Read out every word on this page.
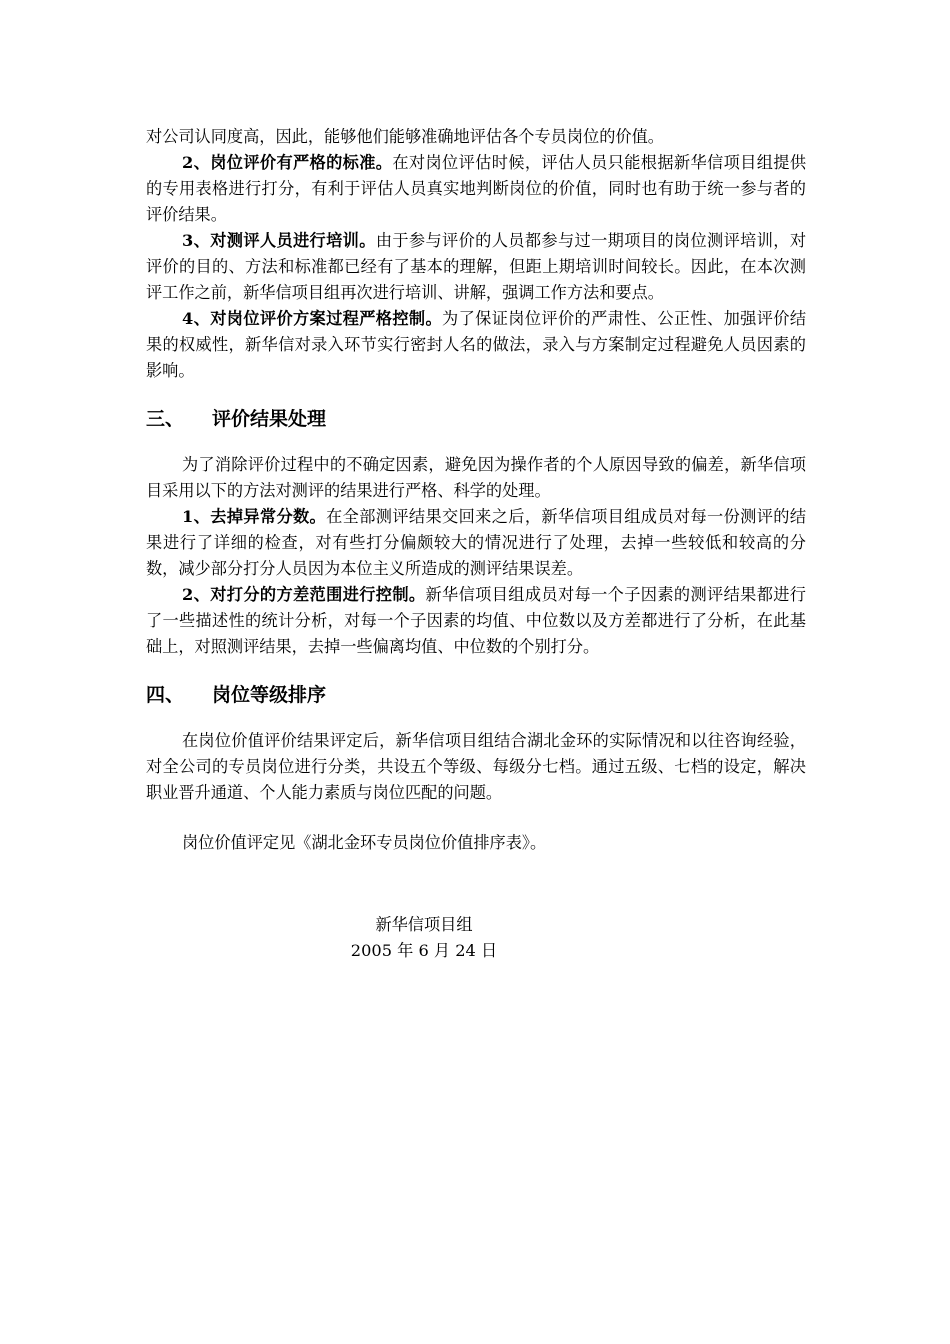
对公司认同度高，因此，能够他们能够准确地评估各个专员岗位的价值。

2、岗位评价有严格的标准。在对岗位评估时候，评估人员只能根据新华信项目组提供的专用表格进行打分，有利于评估人员真实地判断岗位的价值，同时也有助于统一参与者的评价结果。

3、对测评人员进行培训。由于参与评价的人员都参与过一期项目的岗位测评培训，对评价的目的、方法和标准都已经有了基本的理解，但距上期培训时间较长。因此，在本次测评工作之前，新华信项目组再次进行培训、讲解，强调工作方法和要点。

4、对岗位评价方案过程严格控制。为了保证岗位评价的严肃性、公正性、加强评价结果的权威性，新华信对录入环节实行密封人名的做法，录入与方案制定过程避免人员因素的影响。

三、 评价结果处理

为了消除评价过程中的不确定因素，避免因为操作者的个人原因导致的偏差，新华信项目采用以下的方法对测评的结果进行严格、科学的处理。

1、去掉异常分数。在全部测评结果交回来之后，新华信项目组成员对每一份测评的结果进行了详细的检查，对有些打分偏颇较大的情况进行了处理，去掉一些较低和较高的分数，减少部分打分人员因为本位主义所造成的测评结果误差。

2、对打分的方差范围进行控制。新华信项目组成员对每一个子因素的测评结果都进行了一些描述性的统计分析，对每一个子因素的均值、中位数以及方差都进行了分析，在此基础上，对照测评结果，去掉一些偏离均值、中位数的个别打分。

四、 岗位等级排序

在岗位价值评价结果评定后，新华信项目组结合湖北金环的实际情况和以往咨询经验，对全公司的专员岗位进行分类，共设五个等级、每级分七档。通过五级、七档的设定，解决职业晋升通道、个人能力素质与岗位匹配的问题。

岗位价值评定见《湖北金环专员岗位价值排序表》。

新华信项目组

2005 年 6 月 24 日
